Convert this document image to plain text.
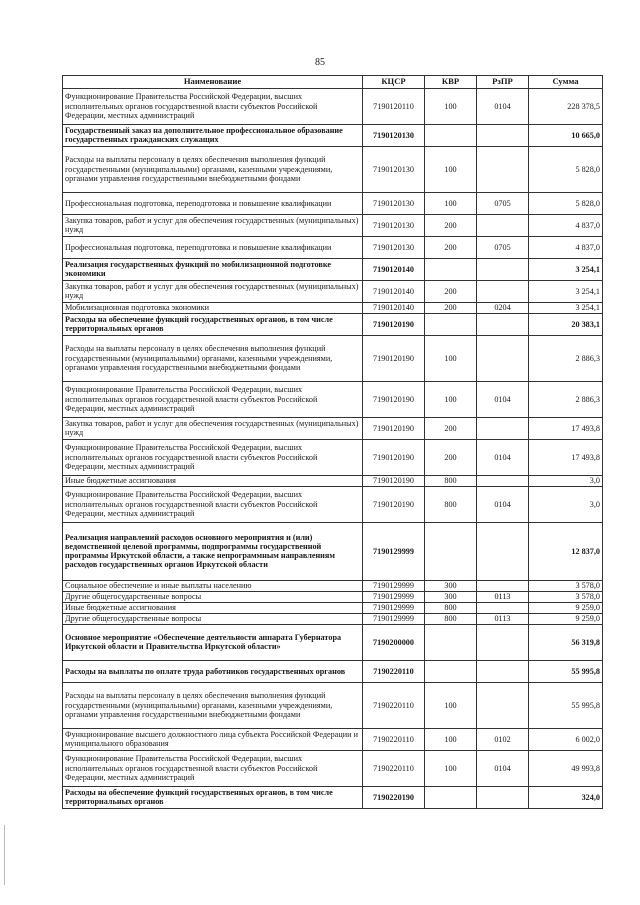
85
Наименование	КЦСР	КВР	РзПР	Сумма
Функционирование Правительства Российской Федерации, высших исполнительных органов государственной власти субъектов Российской Федерации, местных администраций	7190120110	100	0104	228 378,5
Государственный заказ на дополнительное профессиональное образование государственных гражданских служащих	7190120130			10 665,0
Расходы на выплаты персоналу в целях обеспечения выполнения функций государственными (муниципальными) органами, казенными учреждениями, органами управления государственными внебюджетными фондами	7190120130	100		5 828,0
Профессиональная подготовка, переподготовка и повышение квалификации	7190120130	100	0705	5 828,0
Закупка товаров, работ и услуг для обеспечения государственных (муниципальных) нужд	7190120130	200		4 837,0
Профессиональная подготовка, переподготовка и повышение квалификации	7190120130	200	0705	4 837,0
Реализация государственных функций по мобилизационной подготовке экономики	7190120140			3 254,1
Закупка товаров, работ и услуг для обеспечения государственных (муниципальных) нужд	7190120140	200		3 254,1
Мобилизационная подготовка экономики	7190120140	200	0204	3 254,1
Расходы на обеспечение функций государственных органов, в том числе территориальных органов	7190120190			20 383,1
Расходы на выплаты персоналу в целях обеспечения выполнения функций государственными (муниципальными) органами, казенными учреждениями, органами управления государственными внебюджетными фондами	7190120190	100		2 886,3
Функционирование Правительства Российской Федерации, высших исполнительных органов государственной власти субъектов Российской Федерации, местных администраций	7190120190	100	0104	2 886,3
Закупка товаров, работ и услуг для обеспечения государственных (муниципальных) нужд	7190120190	200		17 493,8
Функционирование Правительства Российской Федерации, высших исполнительных органов государственной власти субъектов Российской Федерации, местных администраций	7190120190	200	0104	17 493,8
Иные бюджетные ассигнования	7190120190	800		3,0
Функционирование Правительства Российской Федерации, высших исполнительных органов государственной власти субъектов Российской Федерации, местных администраций	7190120190	800	0104	3,0
Реализация направлений расходов основного мероприятия и (или) ведомственной целевой программы, подпрограммы государственной программы Иркутской области, а также непрограммным направлениям расходов государственных органов Иркутской области	7190129999			12 837,0
Социальное обеспечение и иные выплаты населению	7190129999	300		3 578,0
Другие общегосударственные вопросы	7190129999	300	0113	3 578,0
Иные бюджетные ассигнования	7190129999	800		9 259,0
Другие общегосударственные вопросы	7190129999	800	0113	9 259,0
Основное мероприятие «Обеспечение деятельности аппарата Губернатора Иркутской области и Правительства Иркутской области»	7190200000			56 319,8
Расходы на выплаты по оплате труда работников государственных органов	7190220110			55 995,8
Расходы на выплаты персоналу в целях обеспечения выполнения функций государственными (муниципальными) органами, казенными учреждениями, органами управления государственными внебюджетными фондами	7190220110	100		55 995,8
Функционирование высшего должностного лица субъекта Российской Федерации и муниципального образования	7190220110	100	0102	6 002,0
Функционирование Правительства Российской Федерации, высших исполнительных органов государственной власти субъектов Российской Федерации, местных администраций	7190220110	100	0104	49 993,8
Расходы на обеспечение функций государственных органов, в том числе территориальных органов	7190220190			324,0
